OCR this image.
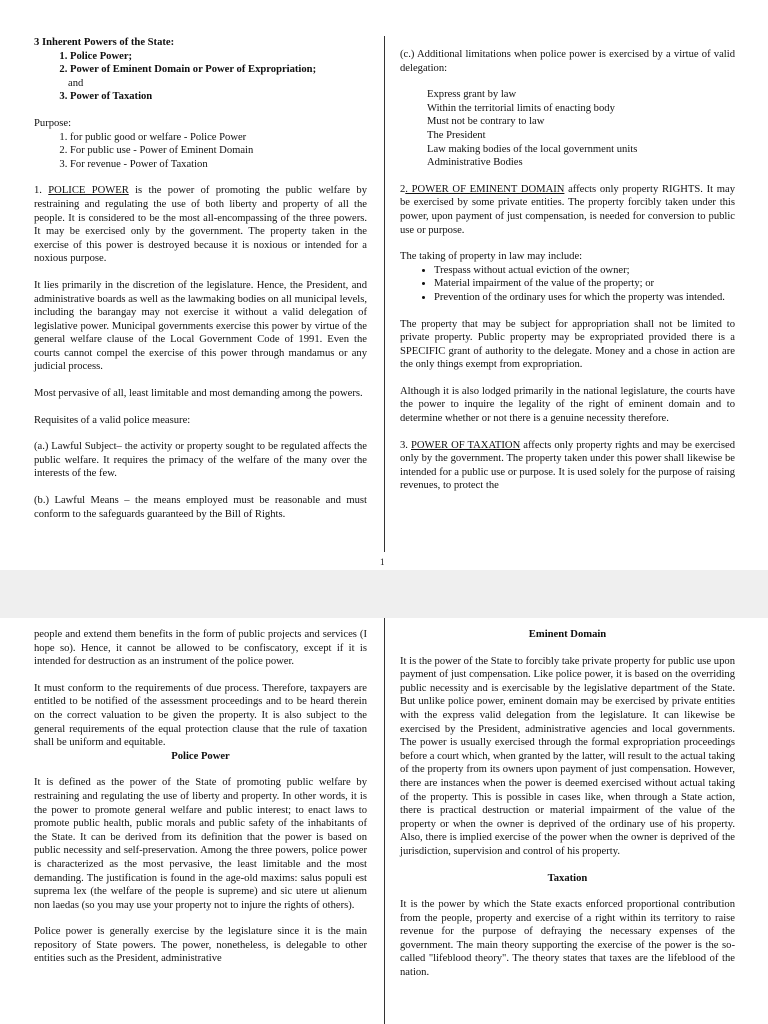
3 Inherent Powers of the State:
1. Police Power;
2. Power of Eminent Domain or Power of Expropriation;
and
3. Power of Taxation
Purpose:
1. for public good or welfare - Police Power
2. For public use - Power of Eminent Domain
3. For revenue - Power of Taxation

1. POLICE POWER is the power of promoting the public welfare by restraining and regulating the use of both liberty and property of all the people. It is considered to be the most all-encompassing of the three powers. It may be exercised only by the government. The property taken in the exercise of this power is destroyed because it is noxious or intended for a noxious purpose.

It lies primarily in the discretion of the legislature. Hence, the President, and administrative boards as well as the lawmaking bodies on all municipal levels, including the barangay may not exercise it without a valid delegation of legislative power. Municipal governments exercise this power by virtue of the general welfare clause of the Local Government Code of 1991. Even the courts cannot compel the exercise of this power through mandamus or any judicial process.

Most pervasive of all, least limitable and most demanding among the powers.

Requisites of a valid police measure:

(a.) Lawful Subject– the activity or property sought to be regulated affects the public welfare. It requires the primacy of the welfare of the many over the interests of the few.

(b.) Lawful Means – the means employed must be reasonable and must conform to the safeguards guaranteed by the Bill of Rights.

(c.) Additional limitations when police power is exercised by a virtue of valid delegation:

Express grant by law
Within the territorial limits of enacting body
Must not be contrary to law
The President
Law making bodies of the local government units
Administrative Bodies

2. POWER OF EMINENT DOMAIN affects only property RIGHTS. It may be exercised by some private entities. The property forcibly taken under this power, upon payment of just compensation, is needed for conversion to public use or purpose.

The taking of property in law may include:
• Trespass without actual eviction of the owner;
• Material impairment of the value of the property; or
• Prevention of the ordinary uses for which the property was intended.

The property that may be subject for appropriation shall not be limited to private property. Public property may be expropriated provided there is a SPECIFIC grant of authority to the delegate. Money and a chose in action are the only things exempt from expropriation.

Although it is also lodged primarily in the national legislature, the courts have the power to inquire the legality of the right of eminent domain and to determine whether or not there is a genuine necessity therefore.

3. POWER OF TAXATION affects only property rights and may be exercised only by the government. The property taken under this power shall likewise be intended for a public use or purpose. It is used solely for the purpose of raising revenues, to protect the

1

people and extend them benefits in the form of public projects and services (I hope so). Hence, it cannot be allowed to be confiscatory, except if it is intended for destruction as an instrument of the police power.

It must conform to the requirements of due process. Therefore, taxpayers are entitled to be notified of the assessment proceedings and to be heard therein on the correct valuation to be given the property. It is also subject to the general requirements of the equal protection clause that the rule of taxation shall be uniform and equitable.

Police Power

It is defined as the power of the State of promoting public welfare by restraining and regulating the use of liberty and property. In other words, it is the power to promote general welfare and public interest; to enact laws to promote public health, public morals and public safety of the inhabitants of the State. It can be derived from its definition that the power is based on public necessity and self-preservation. Among the three powers, police power is characterized as the most pervasive, the least limitable and the most demanding. The justification is found in the age-old maxims: salus populi est suprema lex (the welfare of the people is supreme) and sic utere ut alienum non laedas (so you may use your property not to injure the rights of others).

Police power is generally exercise by the legislature since it is the main repository of State powers. The power, nonetheless, is delegable to other entities such as the President, administrative

Eminent Domain

It is the power of the State to forcibly take private property for public use upon payment of just compensation. Like police power, it is based on the overriding public necessity and is exercisable by the legislative department of the State. But unlike police power, eminent domain may be exercised by private entities with the express valid delegation from the legislature. It can likewise be exercised by the President, administrative agencies and local governments. The power is usually exercised through the formal expropriation proceedings before a court which, when granted by the latter, will result to the actual taking of the property from its owners upon payment of just compensation. However, there are instances when the power is deemed exercised without actual taking of the property. This is possible in cases like, when through a State action, there is practical destruction or material impairment of the value of the property or when the owner is deprived of the ordinary use of his property. Also, there is implied exercise of the power when the owner is deprived of the jurisdiction, supervision and control of his property.

Taxation

It is the power by which the State exacts enforced proportional contribution from the people, property and exercise of a right within its territory to raise revenue for the purpose of defraying the necessary expenses of the government. The main theory supporting the exercise of the power is the so-called "lifeblood theory". The theory states that taxes are the lifeblood of the nation.
